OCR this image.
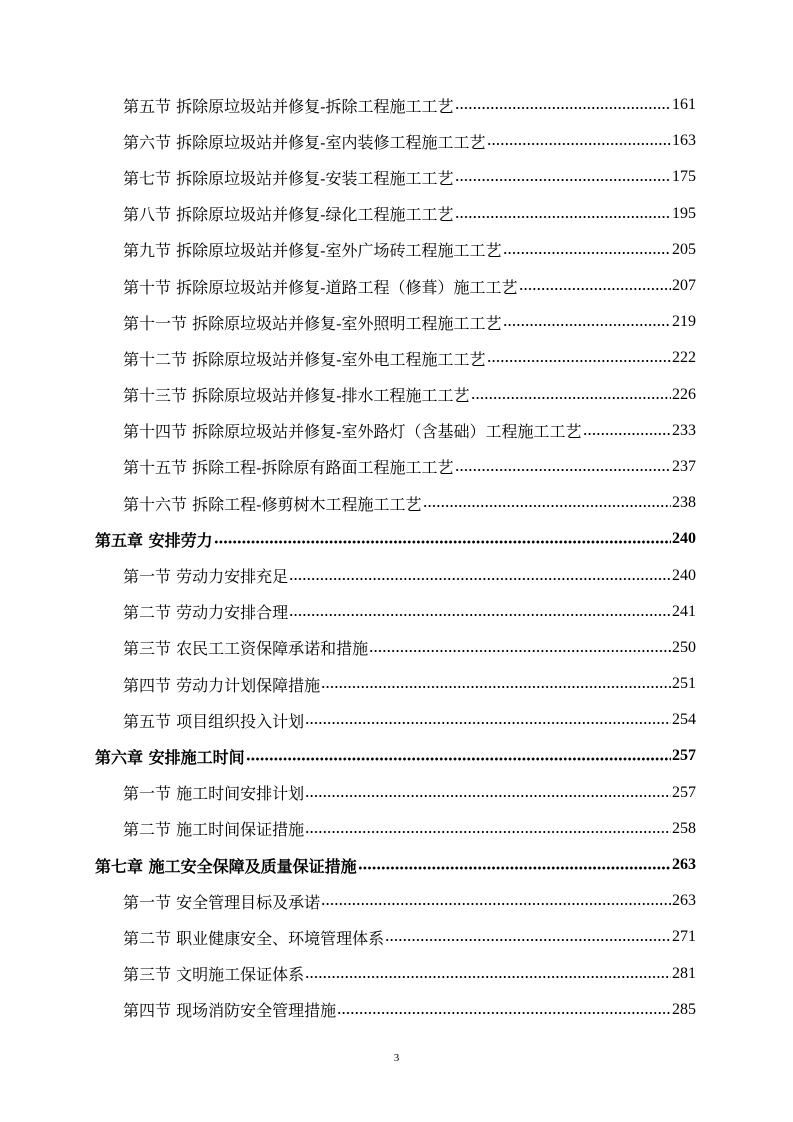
第五节 拆除原垃圾站并修复-拆除工程施工工艺	161
第六节 拆除原垃圾站并修复-室内装修工程施工工艺	163
第七节 拆除原垃圾站并修复-安装工程施工工艺	175
第八节 拆除原垃圾站并修复-绿化工程施工工艺	195
第九节 拆除原垃圾站并修复-室外广场砖工程施工工艺	205
第十节 拆除原垃圾站并修复-道路工程（修葺）施工工艺	207
第十一节 拆除原垃圾站并修复-室外照明工程施工工艺	219
第十二节 拆除原垃圾站并修复-室外电工程施工工艺	222
第十三节 拆除原垃圾站并修复-排水工程施工工艺	226
第十四节 拆除原垃圾站并修复-室外路灯（含基础）工程施工工艺	233
第十五节 拆除工程-拆除原有路面工程施工工艺	237
第十六节 拆除工程-修剪树木工程施工工艺	238
第五章 安排劳力	240
第一节 劳动力安排充足	240
第二节 劳动力安排合理	241
第三节 农民工工资保障承诺和措施	250
第四节 劳动力计划保障措施	251
第五节 项目组织投入计划	254
第六章 安排施工时间	257
第一节 施工时间安排计划	257
第二节 施工时间保证措施	258
第七章 施工安全保障及质量保证措施	263
第一节 安全管理目标及承诺	263
第二节 职业健康安全、环境管理体系	271
第三节 文明施工保证体系	281
第四节 现场消防安全管理措施	285
3
